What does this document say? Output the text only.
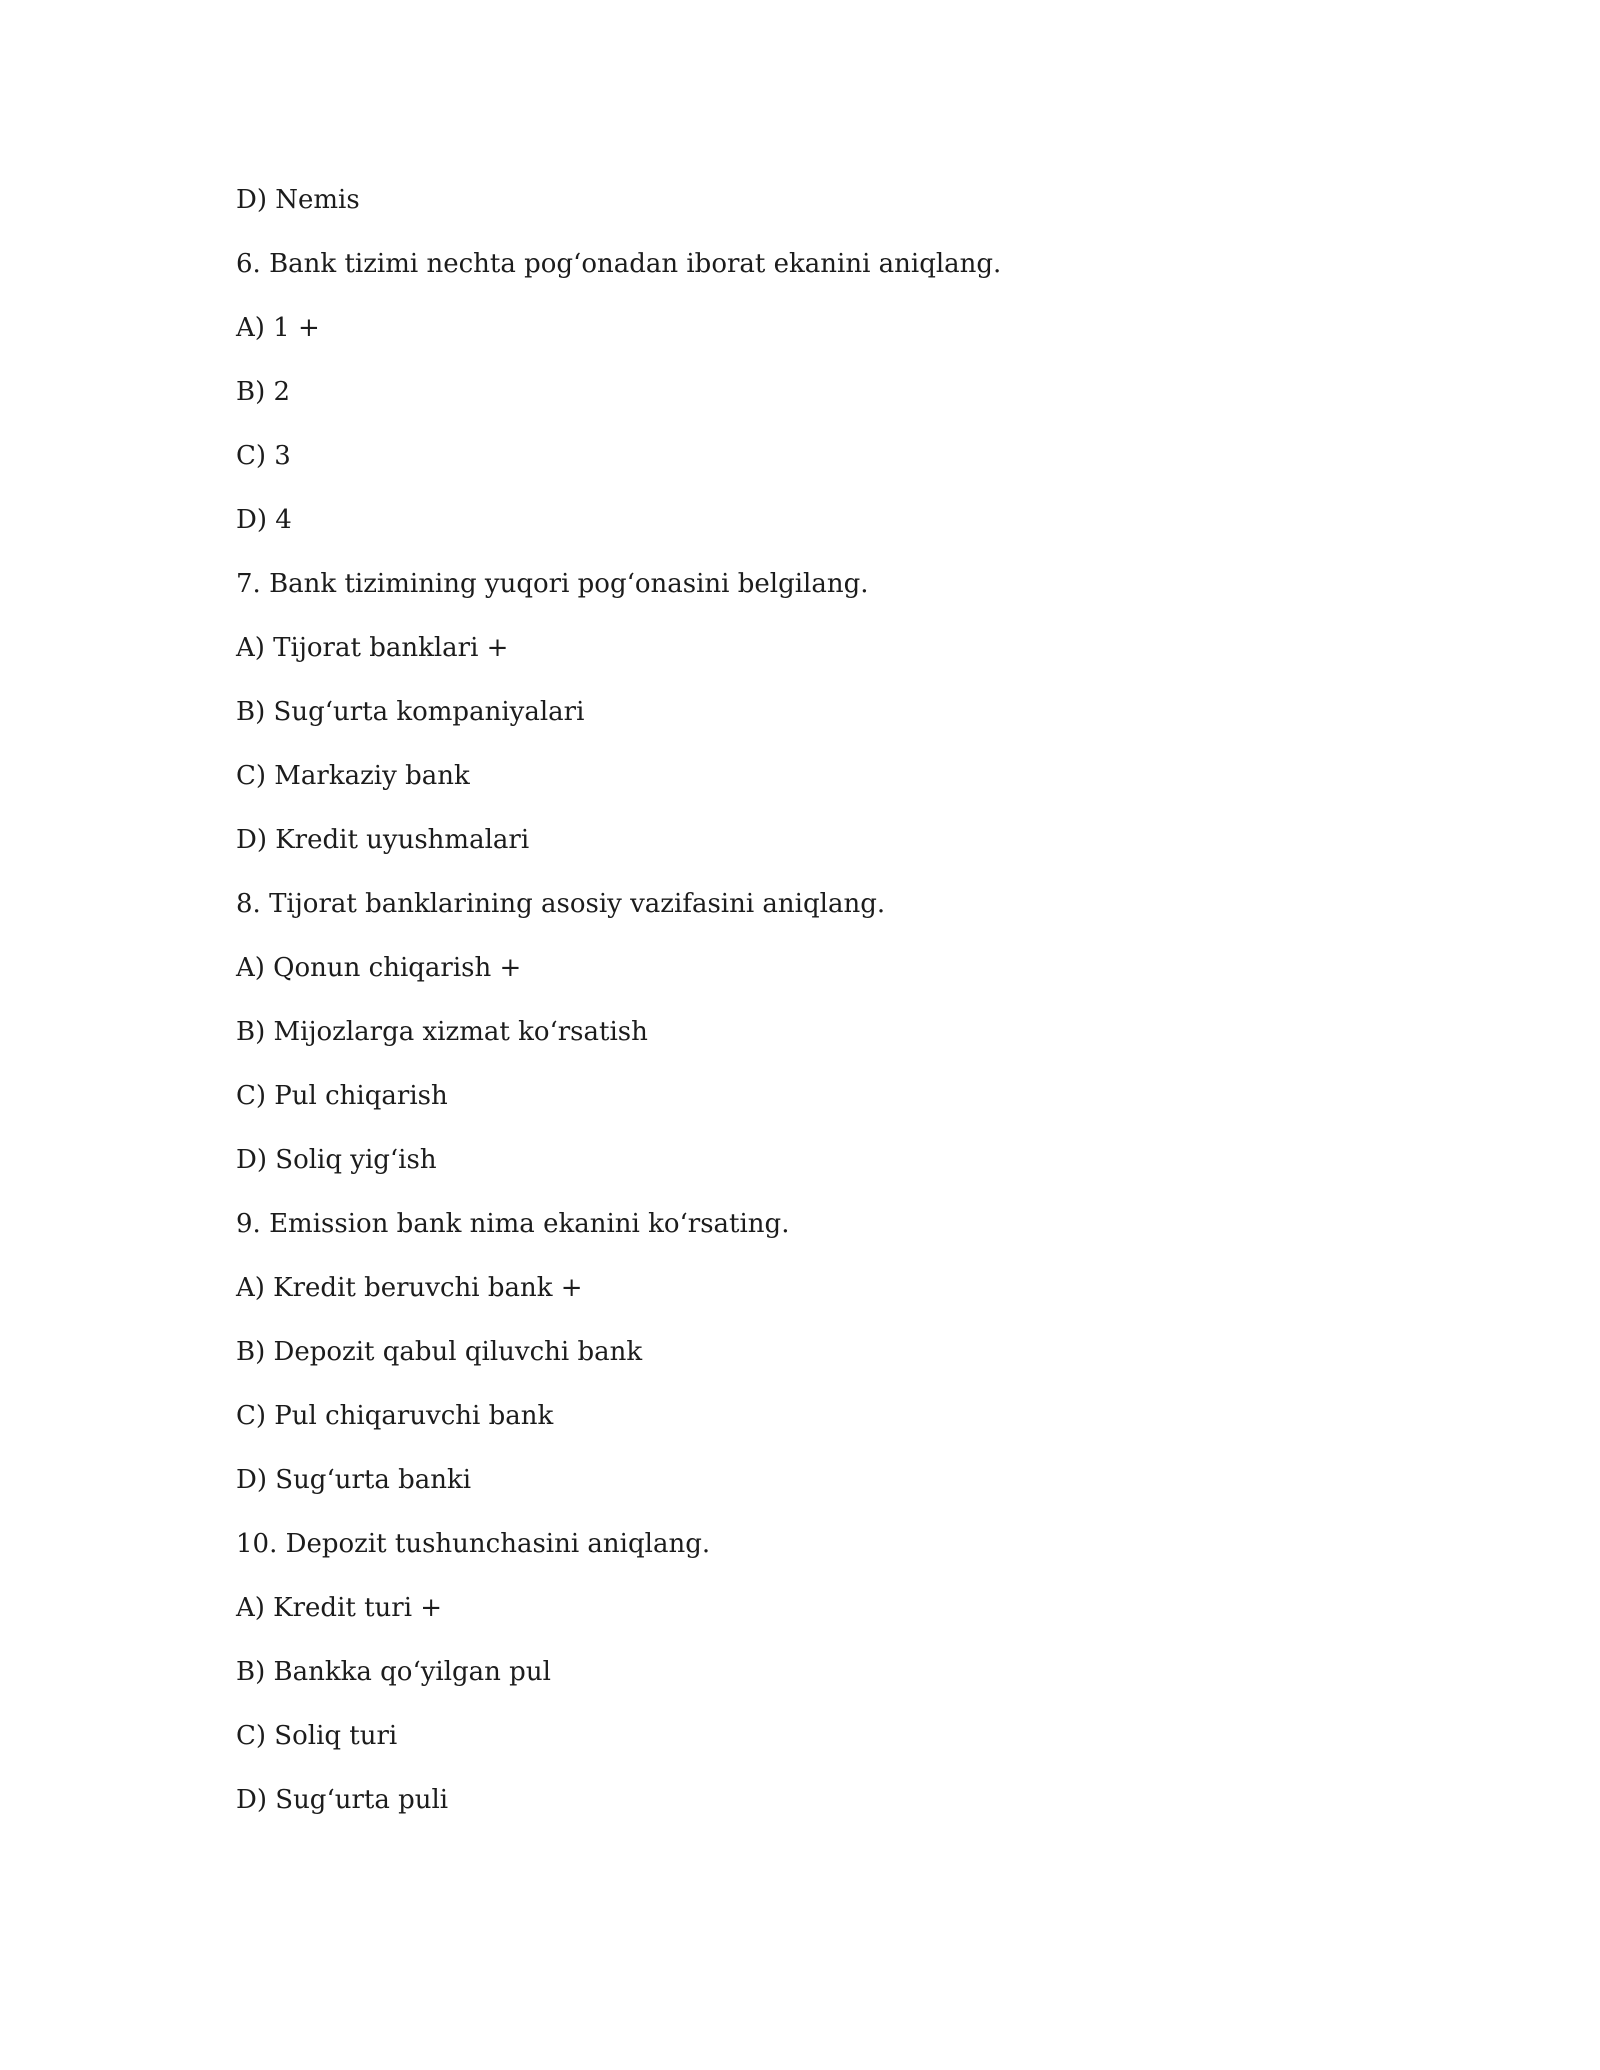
D) Nemis
6. Bank tizimi nechta pog‘onadan iborat ekanini aniqlang.
A) 1 +
B) 2
C) 3
D) 4
7. Bank tizimining yuqori pog‘onasini belgilang.
A) Tijorat banklari +
B) Sug‘urta kompaniyalari
C) Markaziy bank
D) Kredit uyushmalari
8. Tijorat banklarining asosiy vazifasini aniqlang.
A) Qonun chiqarish +
B) Mijozlarga xizmat ko‘rsatish
C) Pul chiqarish
D) Soliq yig‘ish
9. Emission bank nima ekanini ko‘rsating.
A) Kredit beruvchi bank +
B) Depozit qabul qiluvchi bank
C) Pul chiqaruvchi bank
D) Sug‘urta banki
10. Depozit tushunchasini aniqlang.
A) Kredit turi +
B) Bankka qo‘yilgan pul
C) Soliq turi
D) Sug‘urta puli
